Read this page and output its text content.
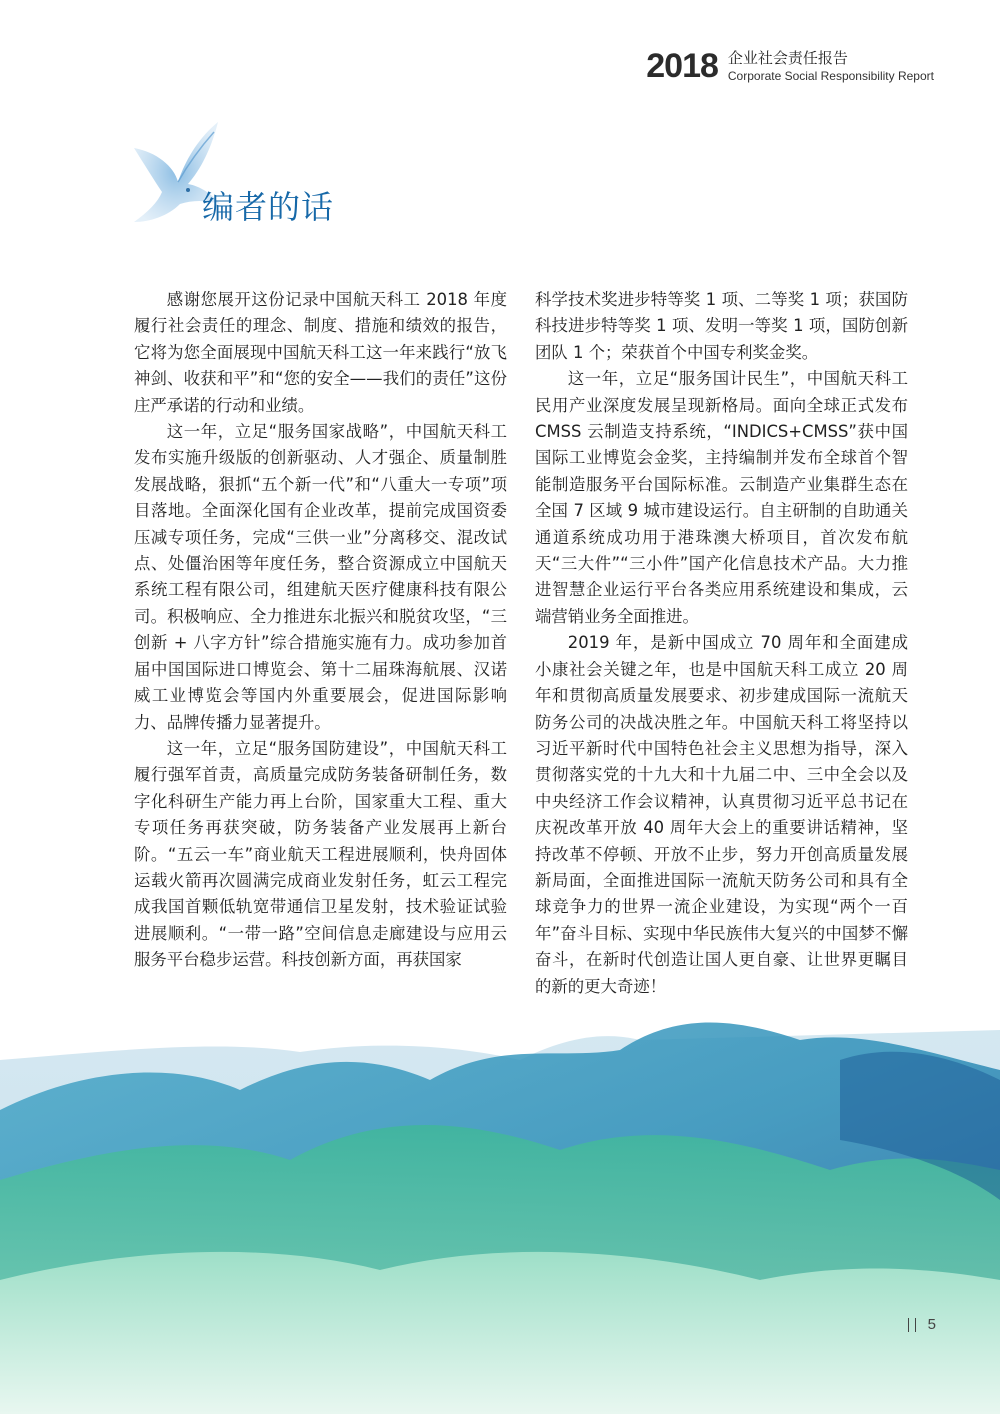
2018 企业社会责任报告
Corporate Social Responsibility Report
编者的话

感谢您展开这份记录中国航天科工 2018 年度履行社会责任的理念、制度、措施和绩效的报告，它将为您全面展现中国航天科工这一年来践行“放飞神剑、收获和平”和“您的安全——我们的责任”这份庄严承诺的行动和业绩。

这一年，立足“服务国家战略”，中国航天科工发布实施升级版的创新驱动、人才强企、质量制胜发展战略，狠抓“五个新一代”和“八重大一专项”项目落地。全面深化国有企业改革，提前完成国资委压减专项任务，完成“三供一业”分离移交、混改试点、处僵治困等年度任务，整合资源成立中国航天系统工程有限公司，组建航天医疗健康科技有限公司。积极响应、全力推进东北振兴和脱贫攻坚，“三创新 + 八字方针”综合措施实施有力。成功参加首届中国国际进口博览会、第十二届珠海航展、汉诺威工业博览会等国内外重要展会，促进国际影响力、品牌传播力显著提升。

这一年，立足“服务国防建设”，中国航天科工履行强军首责，高质量完成防务装备研制任务，数字化科研生产能力再上台阶，国家重大工程、重大专项任务再获突破，防务装备产业发展再上新台阶。“五云一车”商业航天工程进展顺利，快舟固体运载火箭再次圆满完成商业发射任务，虹云工程完成我国首颗低轨宽带通信卫星发射，技术验证试验进展顺利。“一带一路”空间信息走廊建设与应用云服务平台稳步运营。科技创新方面，再获国家

科学技术奖进步特等奖 1 项、二等奖 1 项；获国防科技进步特等奖 1 项、发明一等奖 1 项，国防创新团队 1 个；荣获首个中国专利奖金奖。

这一年，立足“服务国计民生”，中国航天科工民用产业深度发展呈现新格局。面向全球正式发布 CMSS 云制造支持系统，“INDICS+CMSS”获中国国际工业博览会金奖，主持编制并发布全球首个智能制造服务平台国际标准。云制造产业集群生态在全国 7 区域 9 城市建设运行。自主研制的自助通关通道系统成功用于港珠澳大桥项目，首次发布航天“三大件”“三小件”国产化信息技术产品。大力推进智慧企业运行平台各类应用系统建设和集成，云端营销业务全面推进。

2019 年，是新中国成立 70 周年和全面建成小康社会关键之年，也是中国航天科工成立 20 周年和贯彻高质量发展要求、初步建成国际一流航天防务公司的决战决胜之年。中国航天科工将坚持以习近平新时代中国特色社会主义思想为指导，深入贯彻落实党的十九大和十九届二中、三中全会以及中央经济工作会议精神，认真贯彻习近平总书记在庆祝改革开放 40 周年大会上的重要讲话精神，坚持改革不停顿、开放不止步，努力开创高质量发展新局面，全面推进国际一流航天防务公司和具有全球竞争力的世界一流企业建设，为实现“两个一百年”奋斗目标、实现中华民族伟大复兴的中国梦不懈奋斗，在新时代创造让国人更自豪、让世界更瞩目的新的更大奇迹！

5
